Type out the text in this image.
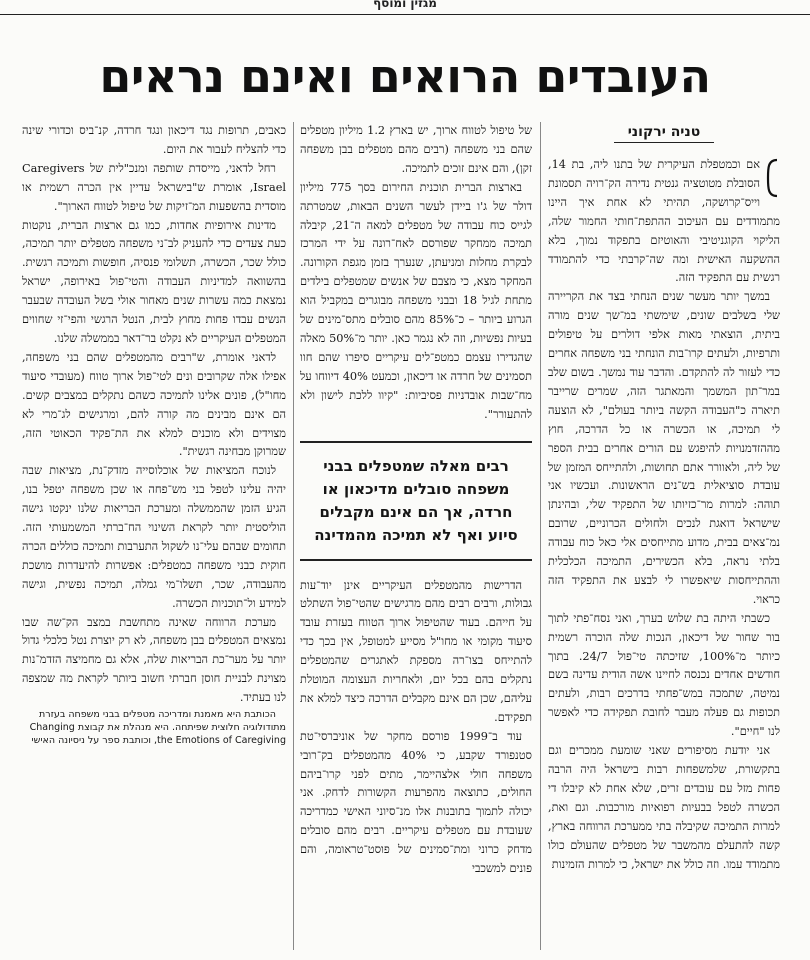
מגזין ומוסף
העובדים הרואים ואינם נראים
טניה ירקוני

אם וכמטפלת העיקרית של בתנו ליה, בת 14, הסובלת מטוטציה גנטית נדירה הק־רויה תסמונת וייס־קרושקה, תהיתי לא אחת איך היינו מתמודדים עם העיכוב ההתפת־חותי החמור שלה, הליקוי הקוגניטיבי והאוטיזם בתפקוד נמוך, בלא ההשקעה האישית ומה שה־קרבתי כדי להתמודד רגשית עם התפקיד הזה.

במשך יותר מעשר שנים הנחתי בצד את הקריירה שלי בשלבים שונים, שימשתי במ־שך שנים מורה ביתית, הוצאתי מאות אלפי דולרים על טיפולים ותרפיות, ולעתים קרו־בות הונחתי בני משפחה אחרים כדי לעזור לה להתקדם. והדבר עוד נמשך. בשום שלב במר־תון המשמך והמאתגר הזה, שמרים שרייבר תיארה כ"העבודה הקשה ביותר בעולם", לא הוצעה לי תמיכה, או הכשרה או כל הדרכה, חוץ מההזדמנויות להיפגש עם הורים אחרים בבית הספר של ליה, ולאוורר אתם תחושות, ולהתייחס המזמן של עובדת סוציאלית בש־נים הראשונות. ועכשיו אני תוהה: למרות מר־כזיותו של התפקיד שלי, ובהינתן שישראל דואגת לנכים ולחולים הכרוניים, שרובם נמ־צאים בבית, מדוע מתייחסים אלי כאל כוח עבודה בלתי נראה, בלא הכשירים, התמיכה הכלכלית וההתייחסות שיאפשרו לי לבצע את התפקיד הזה כראוי.

כשבתי היתה בת שלוש בערך, ואני נסח־פתי לתוך בור שחור של דיכאון, הנכות שלה הוכרה רשמית כיותר מ־100%, שזיכתה טי־פול 24/7. בתוך חודשים אחדים נכנסה לחיינו אשה הודית עדינה בשם נמיטה, שתמכה במש־פחתי בדרכים רבות, ולעתים תכופות גם פעלה מעבר לחובת תפקידה כדי לאפשר לנו "חיים".

אני יודעת מסיפורים שאני שומעת ממכרים וגם בתקשורת, שלמשפחות רבות בישראל היה הרבה פחות מזל עם עובדים זרים, שלא אחת לא קיבלו די הכשרה לטפל בבעיות רפואיות מורכבות. וגם ואת, למרות התמיכה שקיבלה בתי ממערכת הרווחה בארץ, קשה להתעלם מהמשבר של מטפלים שהעולם כולו מתמודד עמו. וזה כולל את ישראל, כי למרות הזמינות

של טיפול לטווח ארוך, יש בארץ 1.2 מיליון מטפלים שהם בני משפחה (רבים מהם מטפלים בבן משפחה זקן), והם אינם זוכים לתמיכה.

בארצות הברית תוכנית החירום בסך 775 מיליון דולר של ג'ו ביידן לעשר השנים הבאות, שמטרתה לגייס כוח עבודה של מטפלים למאה ה־21, קיבלה תמיכה ממחקר שפורסם לאח־רונה על ידי המרכז לבקרת מחלות ומניעתן, שנערך בזמן מגפת הקורונה. המחקר מצא, כי מצבם של אנשים שמטפלים בילדים מתחת לגיל 18 ובבני משפחה מבוגרים במקביל הוא הגרוע ביותר – כ־85% מהם סובלים מתס־מינים של בעיות נפשיות, וזה לא נגמר כאן. יותר מ־50% מאלה שהגדירו עצמם כמטפ־לים עיקריים סיפרו שהם חוו תסמינים של חרדה או דיכאון, וכמעט 40% דיווחו על מח־שבות אובדניות פסיביות: "קיוו ללכת לישון ולא להתעורר".

רבים מאלה שמטפלים בבני משפחה סובלים מדיכאון או חרדה, אך הם אינם מקבלים סיוע ואף לא תמיכה מהמדינה

הדרישות מהמטפלים העיקריים אינן יוד־עות גבולות, ורבים רבים מהם מרגישים שהטי־פול השתלט על חייהם. בעוד שהטיפול ארוך הטווח בעזרת עובד סיעוד מקומי או מחו"ל מסייע למטופל, אין בכך כדי להתייחס בצו־רה מספקת לאתגרים שהמטפלים נתקלים בהם בכל יום, ולאחריות העצומה המוטלת עליהם, שכן הם אינם מקבלים הדרכה כיצד למלא את תפקידם.

עוד ב־1999 פורסם מחקר של אוניברסי־טת סטנפורד שקבע, כי 40% מהמטפלים בק־רובי משפחה חולי אלצהיימר, מתים לפני קרו־ביהם החולים, כתוצאה מהפרעות הקשורות לדחק. אני יכולה לתמוך בתובנות אלו מנ־סיוני האישי כמדריכה שעובדת עם מטפלים עיקריים. רבים מהם סובלים מדחק כרוני ומת־סמינים של פוסט־טראומה, והם פונים למשכבי

כאבים, תרופות נגד דיכאון ונגד חרדה, קנ־ביס וכדורי שינה כדי להצליח לעבור את היום.

רחל לדאני, מייסדת שותפה ומנכ"לית של Caregivers Israel, אומרת ש"בישראל עדיין אין הכרה רשמית או מוסדית בהשפעות המ־זיקות של טיפול לטווח הארוך".

מדינות אירופיות אחדות, כמו גם ארצות הברית, נוקטות כעת צעדים כדי להעניק לב־ני משפחה מטפלים יותר תמיכה, כולל שכר, הכשרה, תשלומי פנסיה, חופשות ותמיכה רגשית. בהשוואה למדיניות העבודה והטי־פול באירופה, ישראל נמצאת כמה עשרות שנים מאחור אולי בשל העובדה שבעבר הנשים עבדו פחות מחוץ לבית, הנטל הרגשי והפי־זי שחווים המטפלים העיקריים לא נקלט בר־דאר בממשלה שלנו.

לדאני אומרת, ש"רבים מהמטפלים שהם בני משפחה, אפילו אלה שקרובים ונים לטי־פול ארוך טווח (מעובדי סיעוד מחו"ל), פונים אלינו לתמיכה כשהם נתקלים במצבים קשים. הם אינם מבינים מה קורה להם, ומרגישים לג־מרי לא מצוידים ולא מוכנים למלא את הת־פקיד הכאוטי הזה, שמרוקן מבחינה רגשית".

לנוכח המציאות של אוכלוסייה מזדק־נת, מציאות שבה יהיה עלינו לטפל בני מש־פחה או שכן משפחה יטפל בנו, הגיע הזמן שהממשלה ומערכת הבריאות שלנו ינקטו גישה הוליסטית יותר לקראת השינוי הח־ברתי המשמעותי הזה. תחומים שבהם עלי־נו לשקול התערבות ותמיכה כוללים הכרה חוקית כבני משפחה כמטפלים: אפשרות להיעדרות מושכת מהעבודה, שכר, תשלו־מי גמלה, תמיכה נפשית, וגישה למידע ול־תוכניות הכשרה.

מערכת הרווחה שאינה מתחשבת במצב הק־שה שבו נמצאים המטפלים בבן משפחה, לא רק יוצרת נטל כלכלי גדול יותר על מער־כת הבריאות שלה, אלא גם מחמיצה הזדמ־נות מצוינת לבניית חוסן חברתי חשוב ביותר לקראת מה שמצפה לנו בעתיד.

הכותבת היא מאמנת ומדריכה מטפלים בבני משפחה בעזרת מתודולוגיה חלוצית שפיתחה. היא מנהלת את קבוצת Changing the Emotions of Caregiving, וכותבת ספר על ניסיונה האישי
